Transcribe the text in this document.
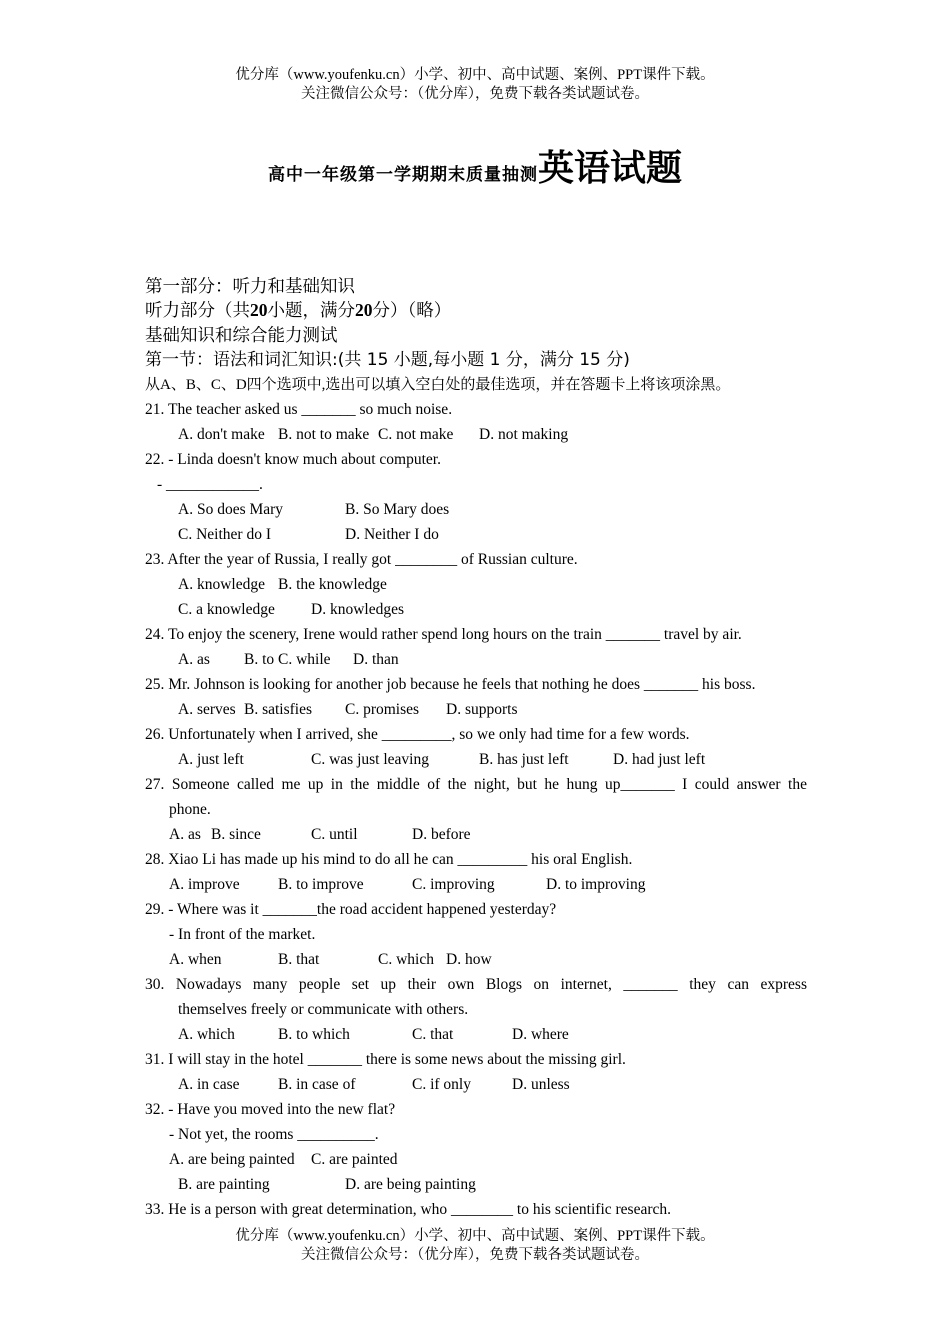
优分库（www.youfenku.cn）小学、初中、高中试题、案例、PPT课件下载。
关注微信公众号：（优分库），免费下载各类试题试卷。
高中一年级第一学期期末质量抽测英语试题
第一部分：听力和基础知识
听力部分（共20小题，满分20分）（略）
基础知识和综合能力测试
第一节：语法和词汇知识:(共 15 小题,每小题 1 分，满分 15 分)
从A、B、C、D四个选项中,选出可以填入空白处的最佳选项，并在答题卡上将该项涂黑。
21. The teacher asked us _______ so much noise.
A. don't make B. not to make C. not make D. not making
22. - Linda doesn't know much about computer.
- ____________.
A. So does Mary	B. So Mary does
C. Neither do I	D. Neither I do
23. After the year of Russia, I really got ________ of Russian culture.
A. knowledge B. the knowledge
C. a knowledge D. knowledges
24. To enjoy the scenery, Irene would rather spend long hours on the train _______ travel by air.
A. as B. to C. while D. than
25. Mr. Johnson is looking for another job because he feels that nothing he does _______ his boss.
A. serves B. satisfies C. promises D. supports
26. Unfortunately when I arrived, she _________, so we only had time for a few words.
A. just left	C. was just leaving	B. has just left	D. had just left
27. Someone called me up in the middle of the night, but he hung up_______ I could answer the
phone.
A. as B. since	C. until	D. before
28. Xiao Li has made up his mind to do all he can _________ his oral English.
A. improve B. to improve	C. improving	D. to improving
29. - Where was it _______the road accident happened yesterday?
- In front of the market.
A. when	B. that	C. which D. how
30. Nowadays many people set up their own Blogs on internet, _______ they can express
themselves freely or communicate with others.
A. which	B. to which	C. that	D. where
31. I will stay in the hotel _______ there is some news about the missing girl.
A. in case B. in case of	C. if only	D. unless
32. - Have you moved into the new flat?
- Not yet, the rooms __________.
A. are being painted C. are painted
B. are painting	D. are being painting
33. He is a person with great determination, who ________ to his scientific research.
优分库（www.youfenku.cn）小学、初中、高中试题、案例、PPT课件下载。
关注微信公众号：（优分库），免费下载各类试题试卷。
